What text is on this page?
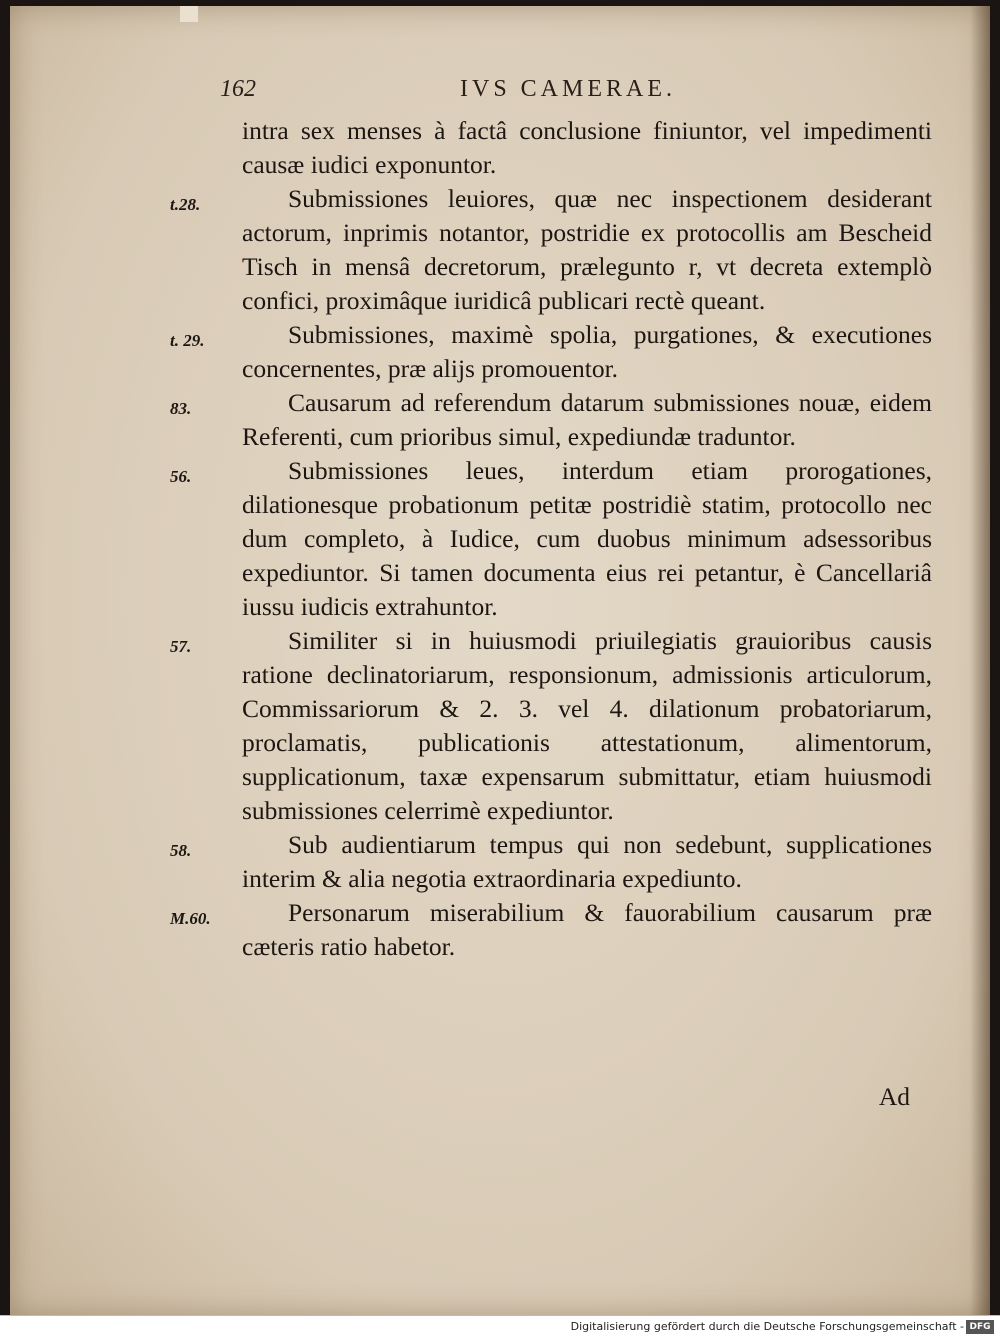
162	IVS CAMERAE.
intra sex menses à factâ conclusione finiuntor, vel impedimenti causæ iudici exponuntor.
t.28.	Submissiones leuiores, quæ nec inspectionem desiderant actorum, inprimis notantor, postridie ex protocollis am Bescheid Tisch in mensâ decretorum, prælegunto r, vt decreta extemplò confici, proximâque iuridicâ publicari rectè queant.
t. 29.	Submissiones, maximè spolia, purgationes, & executiones concernentes, præ alijs promouentor.
83.	Causarum ad referendum datarum submissiones nouæ, eidem Referenti, cum prioribus simul, expediundæ traduntor.
56.	Submissiones leues, interdum etiam prorogationes, dilationesque probationum petitæ postridiè statim, protocollo nec dum completo, à Iudice, cum duobus minimum adsessoribus expediuntor. Si tamen documenta eius rei petantur, è Cancellariâ iussu iudicis extrahuntor.
57.	Similiter si in huiusmodi priuilegiatis grauioribus causis ratione declinatoriarum, responsionum, admissionis articulorum, Commissariorum & 2. 3. vel 4. dilationum probatoriarum, proclamatis, publicationis attestationum, alimentorum, supplicationum, taxæ expensarum submittatur, etiam huiusmodi submissiones celerrimè expediuntor.
58.	Sub audientiarum tempus qui non sedebunt, supplicationes interim & alia negotia extraordinaria expediunto.
M.60.	Personarum miserabilium & fauorabilium causarum præ cæteris ratio habetor.
Ad
Digitalisierung gefördert durch die Deutsche Forschungsgemeinschaft - DFG
